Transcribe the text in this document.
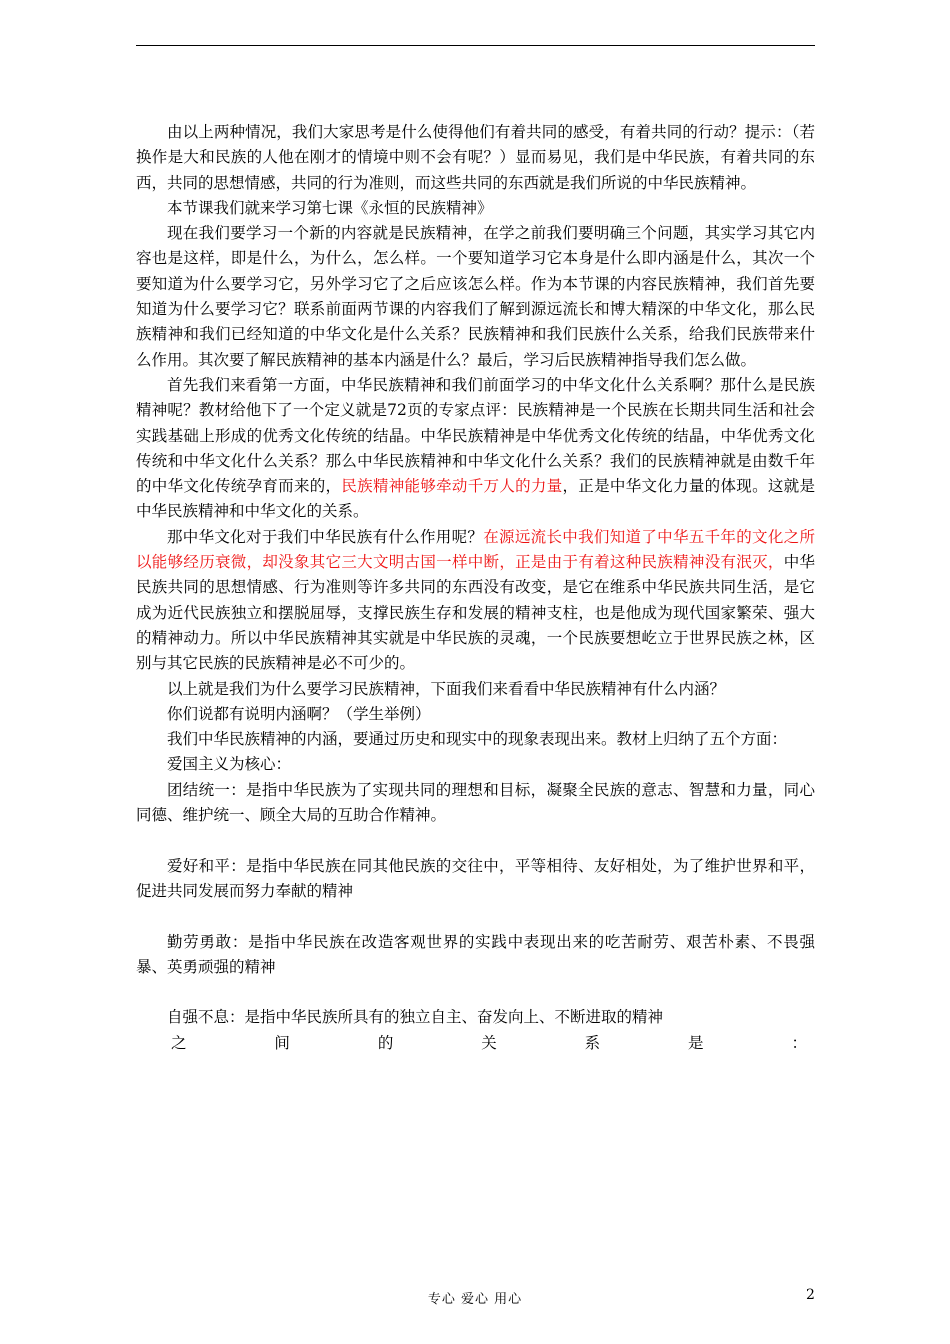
由以上两种情况，我们大家思考是什么使得他们有着共同的感受，有着共同的行动？提示：（若换作是大和民族的人他在刚才的情境中则不会有呢？）显而易见，我们是中华民族，有着共同的东西，共同的思想情感，共同的行为准则，而这些共同的东西就是我们所说的中华民族精神。

本节课我们就来学习第七课《永恒的民族精神》

现在我们要学习一个新的内容就是民族精神，在学之前我们要明确三个问题，其实学习其它内容也是这样，即是什么，为什么，怎么样。一个要知道学习它本身是什么即内涵是什么，其次一个要知道为什么要学习它，另外学习它了之后应该怎么样。作为本节课的内容民族精神，我们首先要知道为什么要学习它？联系前面两节课的内容我们了解到源远流长和博大精深的中华文化，那么民族精神和我们已经知道的中华文化是什么关系？民族精神和我们民族什么关系，给我们民族带来什么作用。其次要了解民族精神的基本内涵是什么？最后，学习后民族精神指导我们怎么做。

首先我们来看第一方面，中华民族精神和我们前面学习的中华文化什么关系啊？那什么是民族精神呢？教材给他下了一个定义就是72页的专家点评：民族精神是一个民族在长期共同生活和社会实践基础上形成的优秀文化传统的结晶。中华民族精神是中华优秀文化传统的结晶，中华优秀文化传统和中华文化什么关系？那么中华民族精神和中华文化什么关系？我们的民族精神就是由数千年的中华文化传统孕育而来的，民族精神能够牵动千万人的力量，正是中华文化力量的体现。这就是中华民族精神和中华文化的关系。

那中华文化对于我们中华民族有什么作用呢？在源远流长中我们知道了中华五千年的文化之所以能够经历衰微，却没象其它三大文明古国一样中断，正是由于有着这种民族精神没有泯灭，中华民族共同的思想情感、行为准则等许多共同的东西没有改变，是它在维系中华民族共同生活，是它成为近代民族独立和摆脱屈辱，支撑民族生存和发展的精神支柱，也是他成为现代国家繁荣、强大的精神动力。所以中华民族精神其实就是中华民族的灵魂，一个民族要想屹立于世界民族之林，区别与其它民族的民族精神是必不可少的。

以上就是我们为什么要学习民族精神，下面我们来看看中华民族精神有什么内涵？

你们说都有说明内涵啊？（学生举例）

我们中华民族精神的内涵，要通过历史和现实中的现象表现出来。教材上归纳了五个方面：

爱国主义为核心：

团结统一：是指中华民族为了实现共同的理想和目标，凝聚全民族的意志、智慧和力量，同心同德、维护统一、顾全大局的互助合作精神。

爱好和平：是指中华民族在同其他民族的交往中，平等相待、友好相处，为了维护世界和平，促进共同发展而努力奉献的精神

勤劳勇敢：是指中华民族在改造客观世界的实践中表现出来的吃苦耐劳、艰苦朴素、不畏强暴、英勇顽强的精神

自强不息：是指中华民族所具有的独立自主、奋发向上、不断进取的精神

之	间	的	关	系	是	：
专心 爱心 用心	2
